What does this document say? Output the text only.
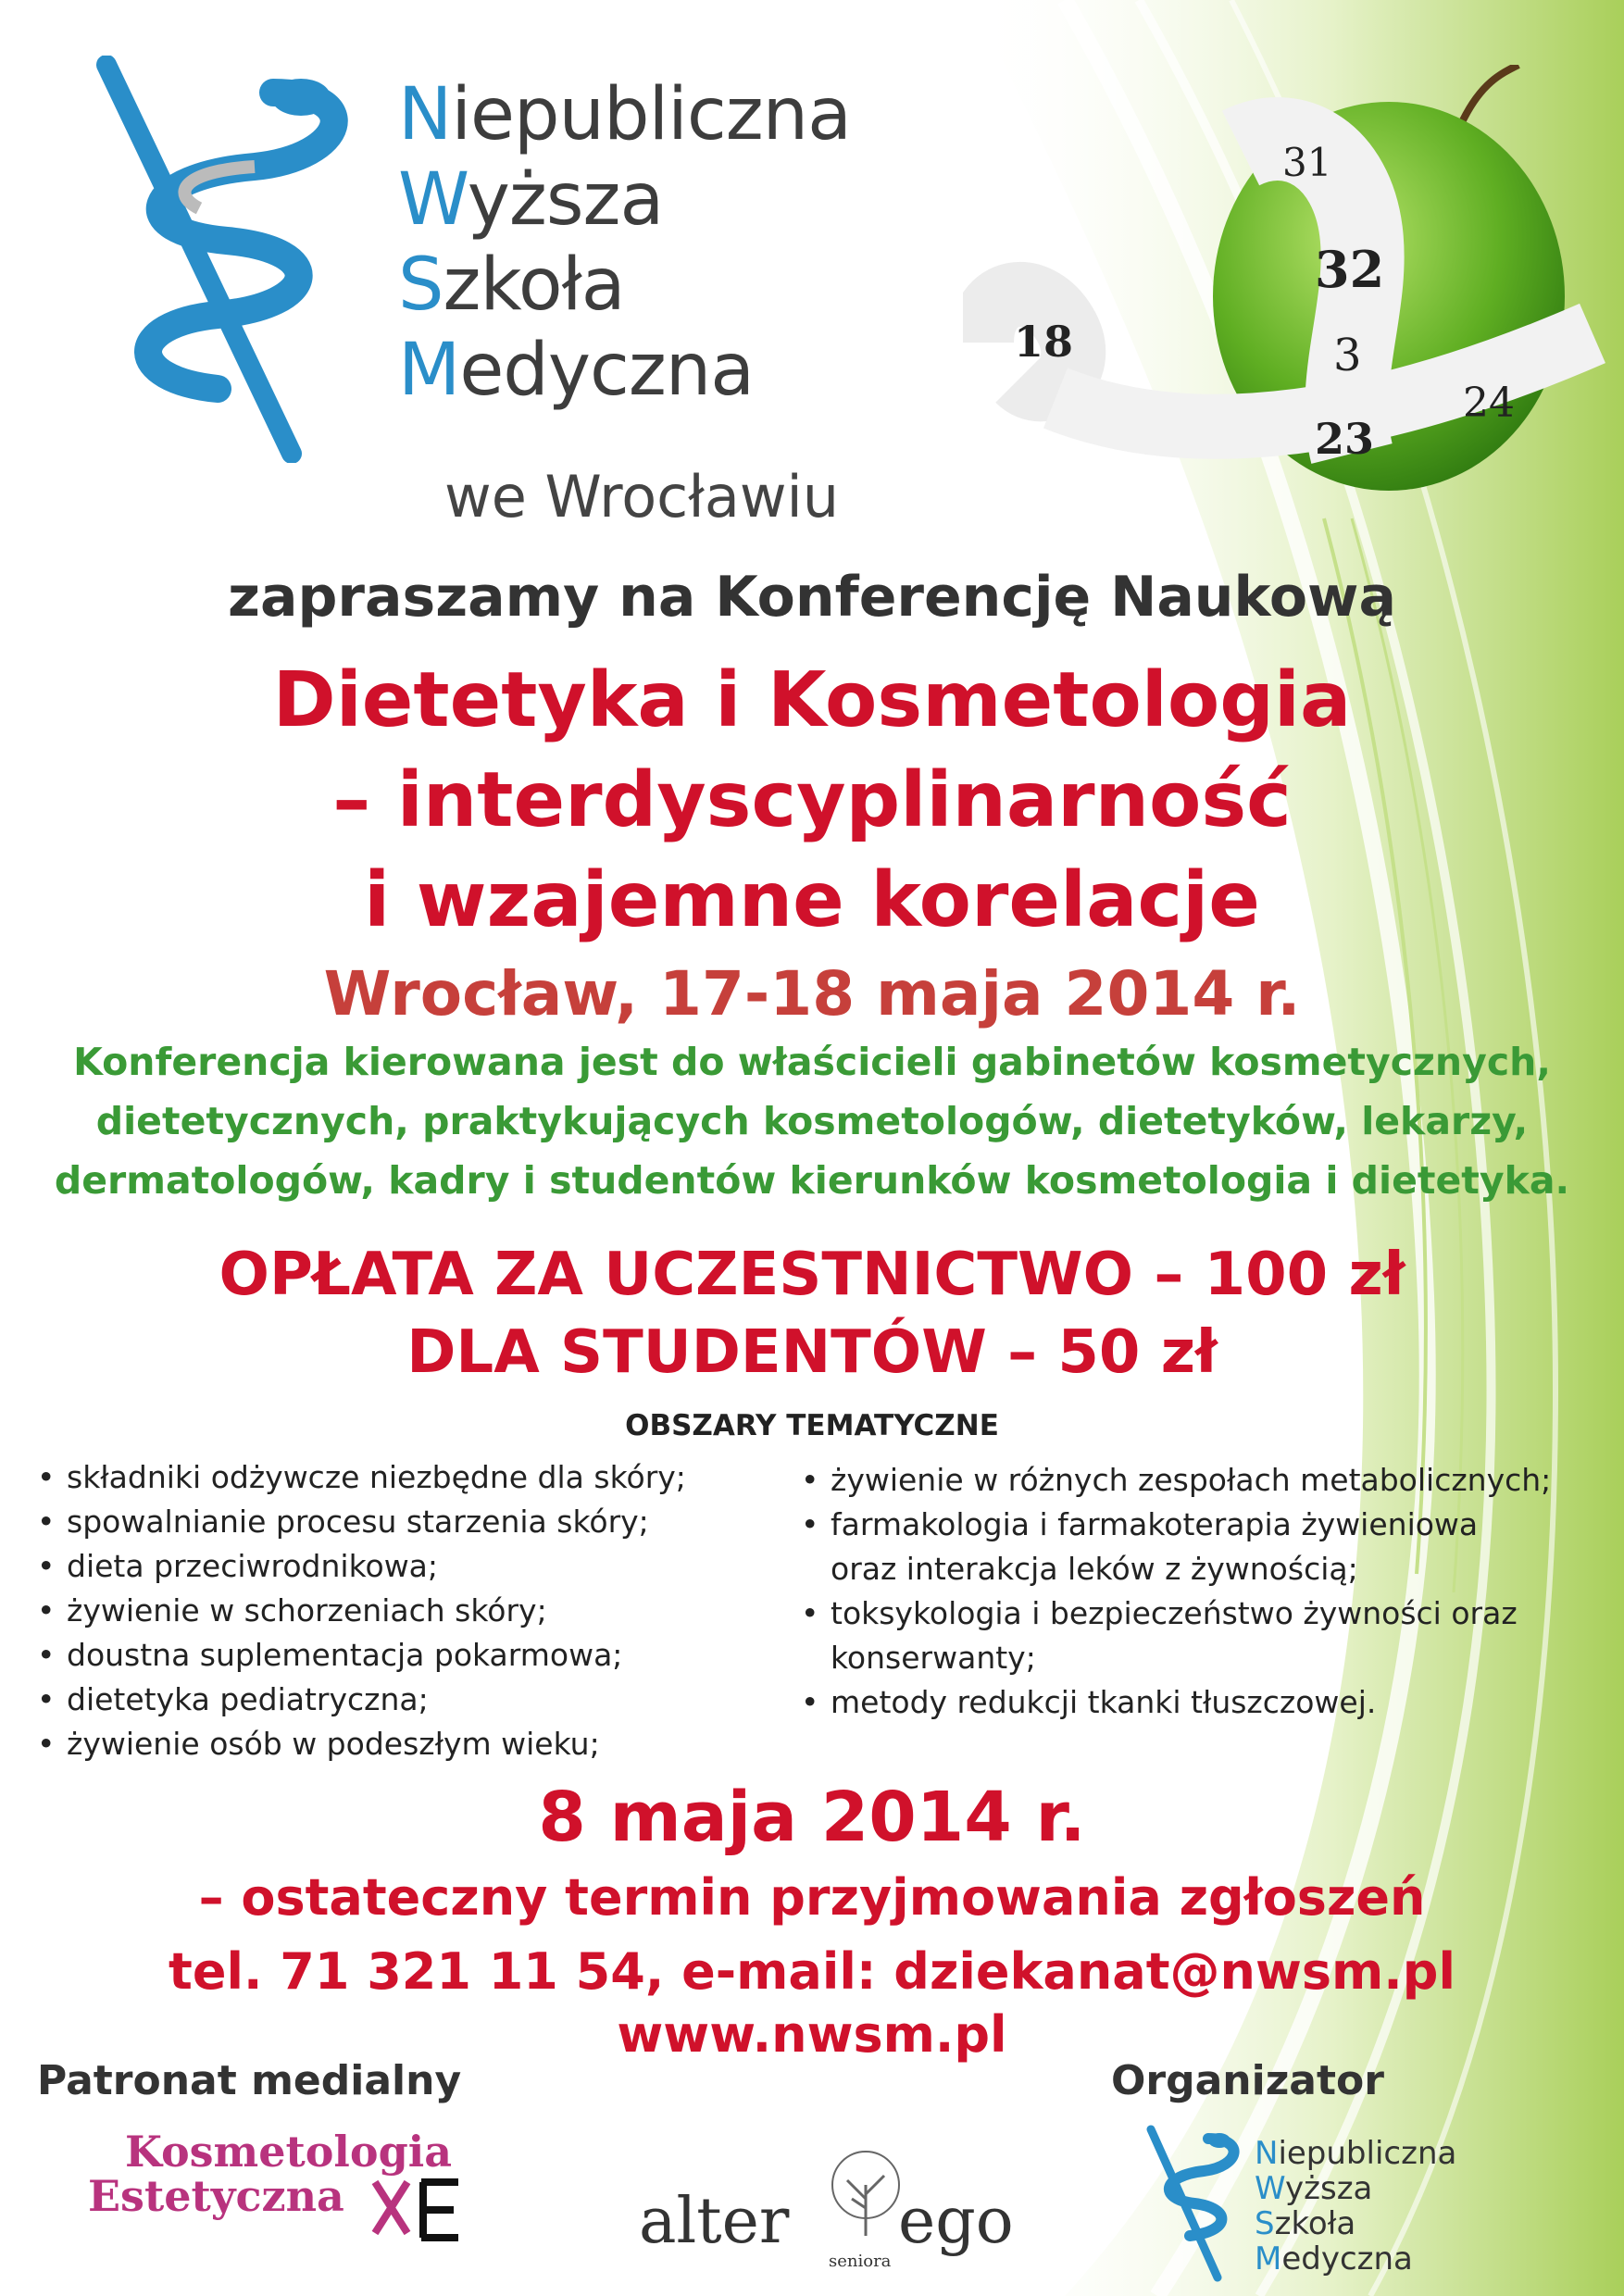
Niepubliczna
Wyższa
Szkoła
Medyczna
we Wrocławiu
31
32
3
18
23
24
zapraszamy na Konferencję Naukową
Dietetyka i Kosmetologia
– interdyscyplinarność
i wzajemne korelacje
Wrocław, 17-18 maja 2014 r.
Konferencja kierowana jest do właścicieli gabinetów kosmetycznych,
dietetycznych, praktykujących kosmetologów, dietetyków, lekarzy,
dermatologów, kadry i studentów kierunków kosmetologia i dietetyka.
OPŁATA ZA UCZESTNICTWO – 100 zł
DLA STUDENTÓW – 50 zł
OBSZARY TEMATYCZNE
• składniki odżywcze niezbędne dla skóry;
• spowalnianie procesu starzenia skóry;
• dieta przeciwrodnikowa;
• żywienie w schorzeniach skóry;
• doustna suplementacja pokarmowa;
• dietetyka pediatryczna;
• żywienie osób w podeszłym wieku;
• żywienie w różnych zespołach metabolicznych;
• farmakologia i farmakoterapia żywieniowa
oraz interakcja leków z żywnością;
• toksykologia i bezpieczeństwo żywności oraz
konserwanty;
• metody redukcji tkanki tłuszczowej.
8 maja 2014 r.
– ostateczny termin przyjmowania zgłoszeń
tel. 71 321 11 54, e-mail: dziekanat@nwsm.pl
www.nwsm.pl
Patronat medialny	Organizator
Kosmetologia
Estetyczna	alter ego
seniora
Niepubliczna
Wyższa
Szkoła
Medyczna
